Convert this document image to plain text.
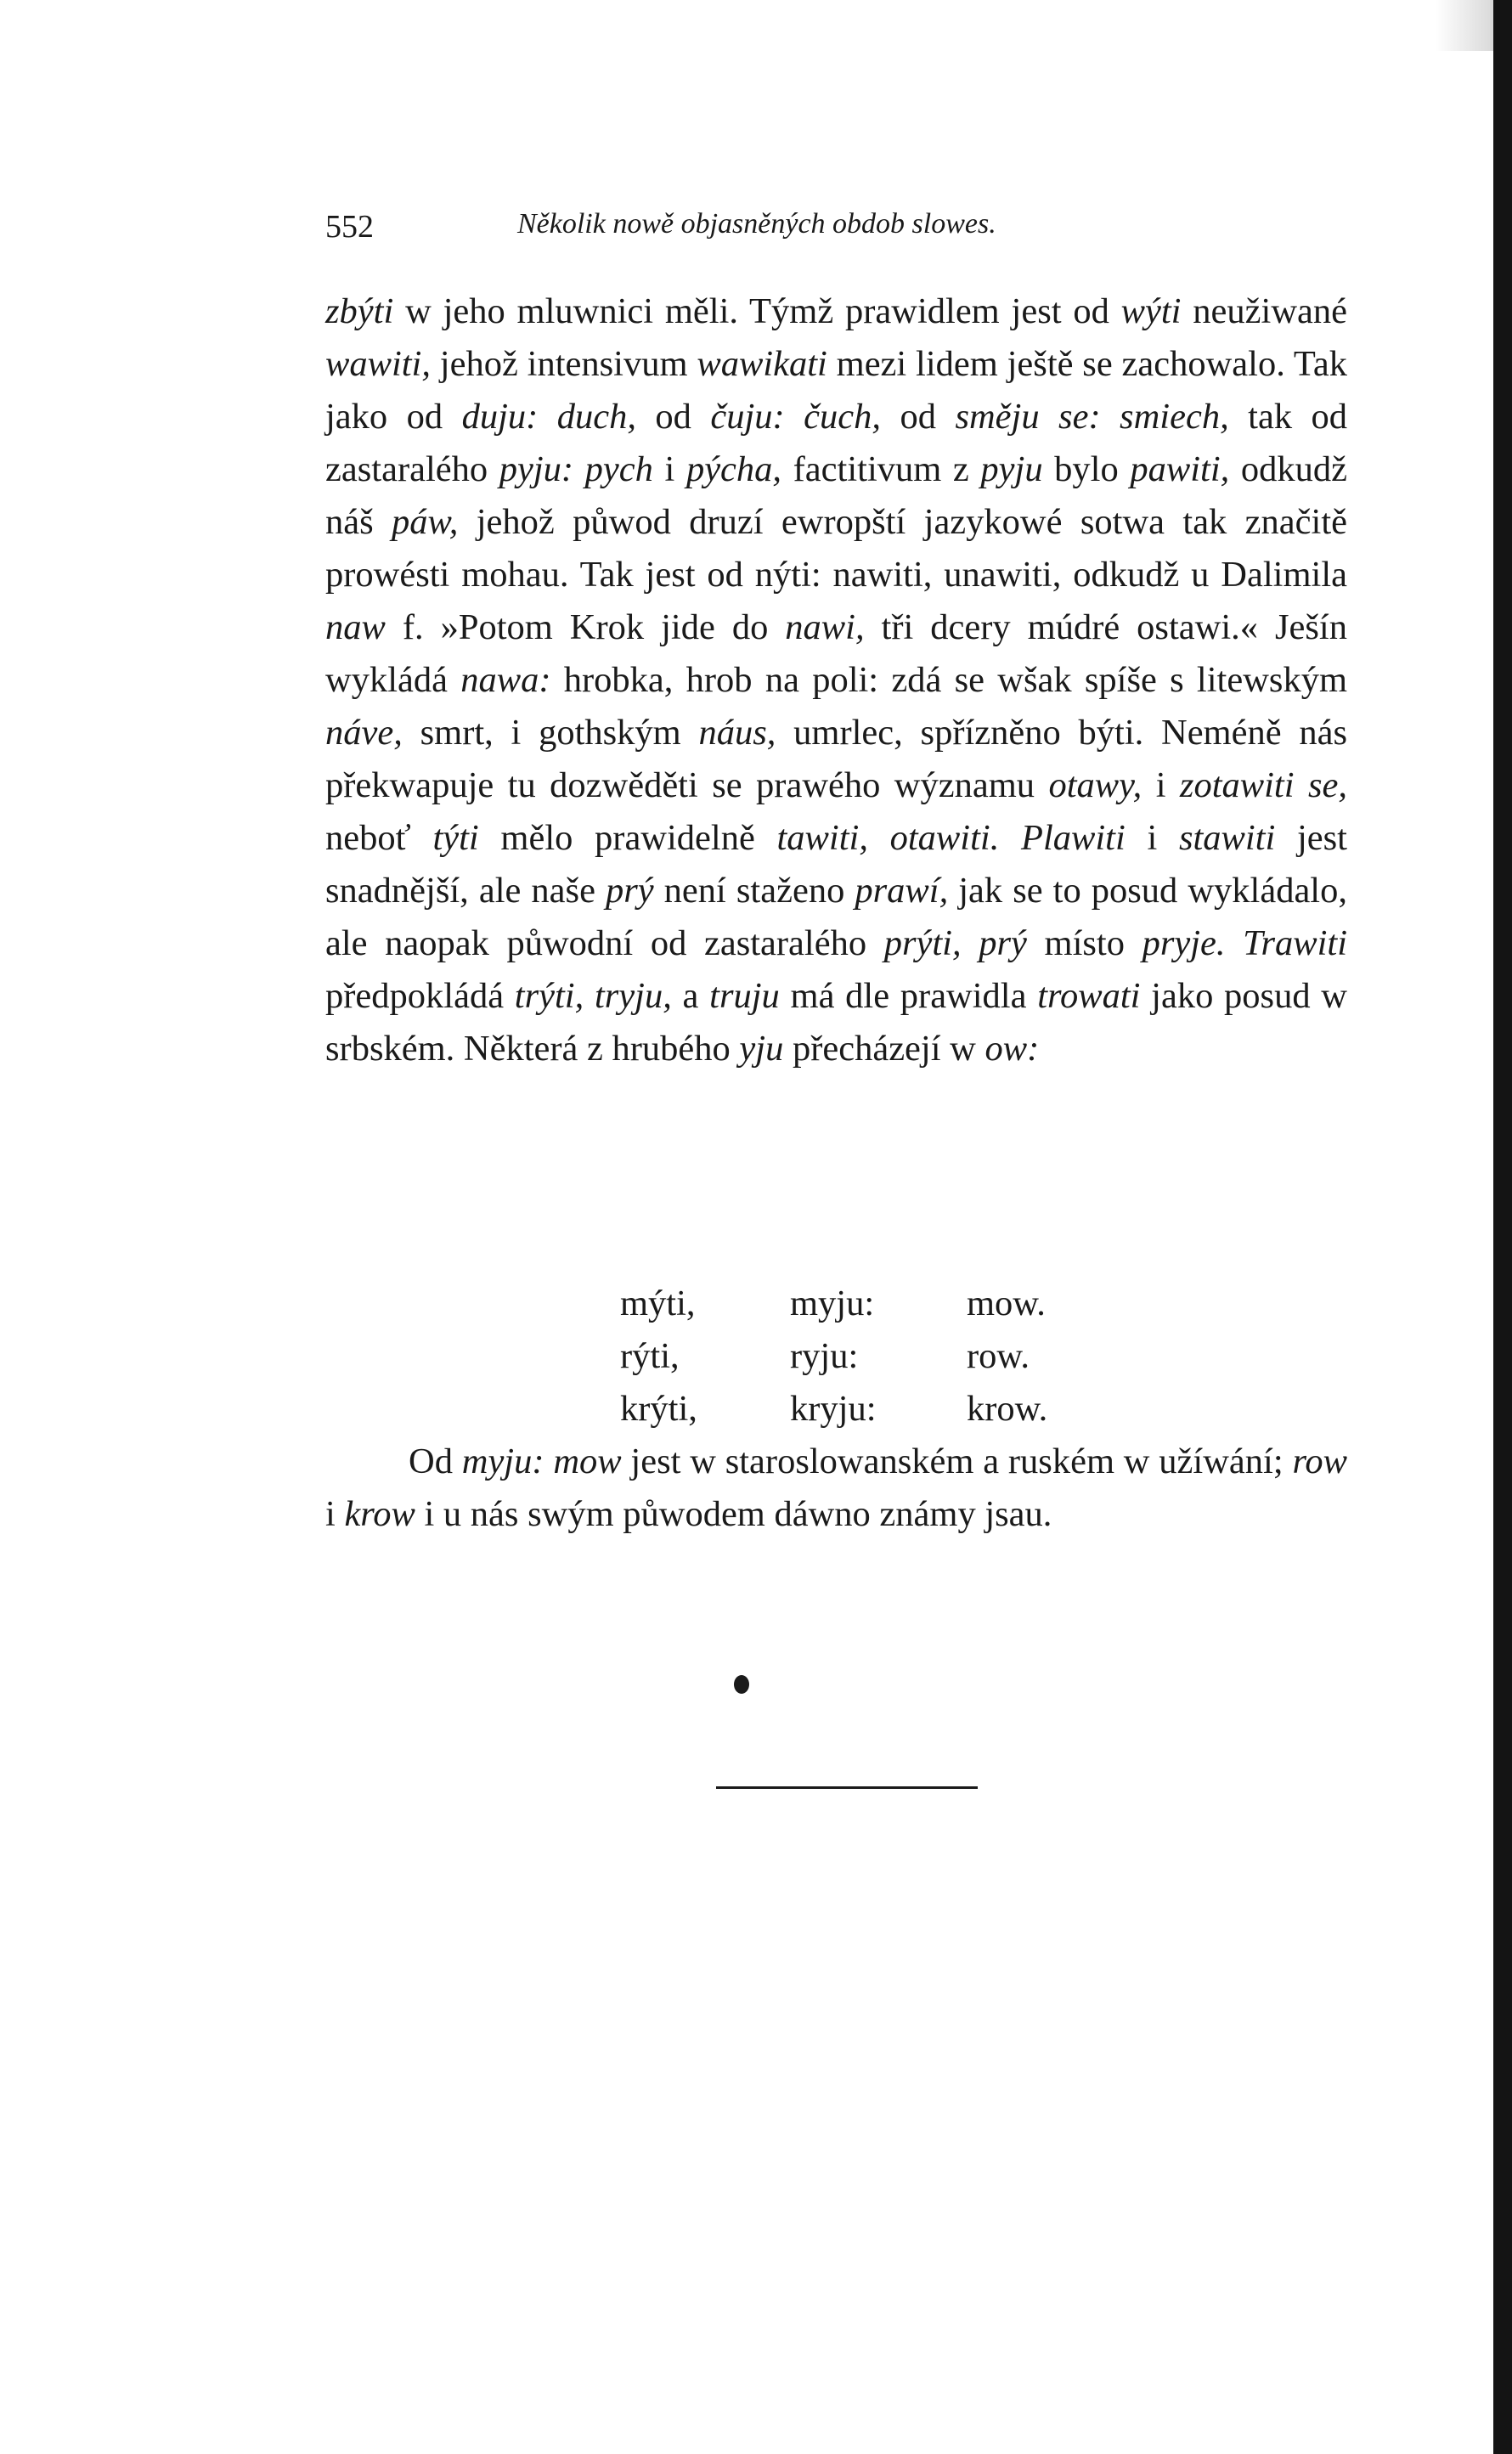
552	Několik nowě objasněných obdob slowes.

zbýti w jeho mluwnici měli. Týmž prawidlem jest od wýti neužiwané wawiti, jehož intensivum wawikati mezi lidem ještě se zachowalo. Tak jako od duju: duch, od čuju: čuch, od směju se: smiech, tak od zastaralého pyju: pych i pýcha, factitivum z pyju bylo pawiti, odkudž náš páw, jehož půwod druzí ewropští jazykowé sotwa tak značitě prowésti mohau. Tak jest od nýti: nawiti, unawiti, odkudž u Dalimila naw f. »Potom Krok jide do nawi, tři dcery múdré ostawi.« Ješín wykládá nawa: hrobka, hrob na poli: zdá se wšak spíše s litewským náve, smrt, i gothským náus, umrlec, spřízněno býti. Neméně nás překwapuje tu dozwěděti se prawého wýznamu otawy, i zotawiti se, neboť týti mělo prawidelně tawiti, otawiti. Plawiti i stawiti jest snadnější, ale naše prý není staženo prawí, jak se to posud wykládalo, ale naopak půwodní od zastaralého prýti, prý místo pryje. Trawiti předpokládá trýti, tryju, a truju má dle prawidla trowati jako posud w srbském. Některá z hrubého yju přecházejí w ow:

mýti,	myju:	mow.
rýti,	ryju:	row.
krýti,	kryju:	krow.

Od myju: mow jest w staroslowanském a ruském w užíwání; row i krow i u nás swým půwodem dáwno známy jsau.
